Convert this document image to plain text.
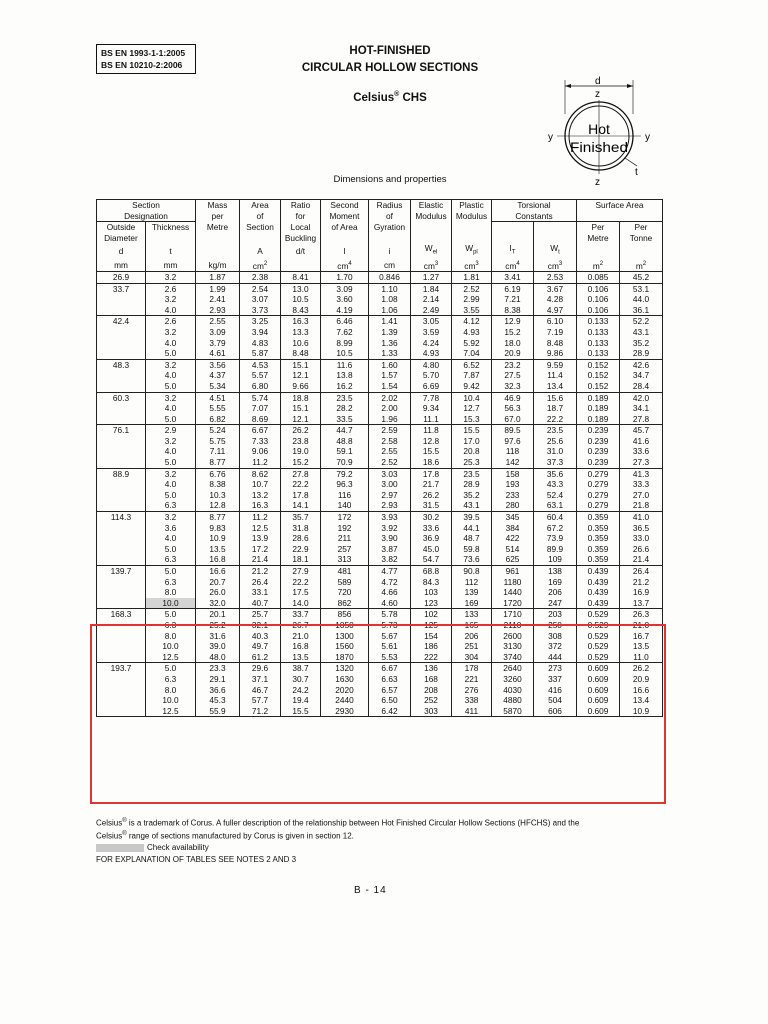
BS EN 1993-1-1:2005
BS EN 10210-2:2006
HOT-FINISHED
CIRCULAR HOLLOW SECTIONS
Celsius® CHS
d
z
y	y
Hot
Finished
t
z
Dimensions and properties
Section		Mass	Area	Ratio	Second	Radius	Elastic	Plastic	Torsional		Surface Area	
Designation		per	of	for	Moment	of	Modulus	Modulus	Constants			
Outside	Thickness	Metre	Section	Local	of Area	Gyration					Per	Per
Diameter				Buckling							Metre	Tonne
d	t		A	d/t	I	i	$W_{el}$	$W_{pl}$	$I_T$	$W_t$		
mm	mm	kg/m	$cm^2$		$cm^4$	cm	$cm^3$	$cm^3$	$cm^4$	$cm^3$	$m^2$	$m^2$
26.9	3.2	1.87	2.38	8.41	1.70	0.846	1.27	1.81	3.41	2.53	0.085	45.2
33.7	2.6	1.99	2.54	13.0	3.09	1.10	1.84	2.52	6.19	3.67	0.106	53.1
	3.2	2.41	3.07	10.5	3.60	1.08	2.14	2.99	7.21	4.28	0.106	44.0
	4.0	2.93	3.73	8.43	4.19	1.06	2.49	3.55	8.38	4.97	0.106	36.1
42.4	2.6	2.55	3.25	16.3	6.46	1.41	3.05	4.12	12.9	6.10	0.133	52.2
	3.2	3.09	3.94	13.3	7.62	1.39	3.59	4.93	15.2	7.19	0.133	43.1
	4.0	3.79	4.83	10.6	8.99	1.36	4.24	5.92	18.0	8.48	0.133	35.2
	5.0	4.61	5.87	8.48	10.5	1.33	4.93	7.04	20.9	9.86	0.133	28.9
48.3	3.2	3.56	4.53	15.1	11.6	1.60	4.80	6.52	23.2	9.59	0.152	42.6
	4.0	4.37	5.57	12.1	13.8	1.57	5.70	7.87	27.5	11.4	0.152	34.7
	5.0	5.34	6.80	9.66	16.2	1.54	6.69	9.42	32.3	13.4	0.152	28.4
60.3	3.2	4.51	5.74	18.8	23.5	2.02	7.78	10.4	46.9	15.6	0.189	42.0
	4.0	5.55	7.07	15.1	28.2	2.00	9.34	12.7	56.3	18.7	0.189	34.1
	5.0	6.82	8.69	12.1	33.5	1.96	11.1	15.3	67.0	22.2	0.189	27.8
76.1	2.9	5.24	6.67	26.2	44.7	2.59	11.8	15.5	89.5	23.5	0.239	45.7
	3.2	5.75	7.33	23.8	48.8	2.58	12.8	17.0	97.6	25.6	0.239	41.6
	4.0	7.11	9.06	19.0	59.1	2.55	15.5	20.8	118	31.0	0.239	33.6
	5.0	8.77	11.2	15.2	70.9	2.52	18.6	25.3	142	37.3	0.239	27.3
88.9	3.2	6.76	8.62	27.8	79.2	3.03	17.8	23.5	158	35.6	0.279	41.3
	4.0	8.38	10.7	22.2	96.3	3.00	21.7	28.9	193	43.3	0.279	33.3
	5.0	10.3	13.2	17.8	116	2.97	26.2	35.2	233	52.4	0.279	27.0
	6.3	12.8	16.3	14.1	140	2.93	31.5	43.1	280	63.1	0.279	21.8
114.3	3.2	8.77	11.2	35.7	172	3.93	30.2	39.5	345	60.4	0.359	41.0
	3.6	9.83	12.5	31.8	192	3.92	33.6	44.1	384	67.2	0.359	36.5
	4.0	10.9	13.9	28.6	211	3.90	36.9	48.7	422	73.9	0.359	33.0
	5.0	13.5	17.2	22.9	257	3.87	45.0	59.8	514	89.9	0.359	26.6
	6.3	16.8	21.4	18.1	313	3.82	54.7	73.6	625	109	0.359	21.4
139.7	5.0	16.6	21.2	27.9	481	4.77	68.8	90.8	961	138	0.439	26.4
	6.3	20.7	26.4	22.2	589	4.72	84.3	112	1180	169	0.439	21.2
	8.0	26.0	33.1	17.5	720	4.66	103	139	1440	206	0.439	16.9
	10.0	32.0	40.7	14.0	862	4.60	123	169	1720	247	0.439	13.7
168.3	5.0	20.1	25.7	33.7	856	5.78	102	133	1710	203	0.529	26.3
	6.3	25.2	32.1	26.7	1050	5.73	125	165	2110	250	0.529	21.0
	8.0	31.6	40.3	21.0	1300	5.67	154	206	2600	308	0.529	16.7
	10.0	39.0	49.7	16.8	1560	5.61	186	251	3130	372	0.529	13.5
	12.5	48.0	61.2	13.5	1870	5.53	222	304	3740	444	0.529	11.0
193.7	5.0	23.3	29.6	38.7	1320	6.67	136	178	2640	273	0.609	26.2
	6.3	29.1	37.1	30.7	1630	6.63	168	221	3260	337	0.609	20.9
	8.0	36.6	46.7	24.2	2020	6.57	208	276	4030	416	0.609	16.6
	10.0	45.3	57.7	19.4	2440	6.50	252	338	4880	504	0.609	13.4
	12.5	55.9	71.2	15.5	2930	6.42	303	411	5870	606	0.609	10.9
Celsius® is a trademark of Corus. A fuller description of the relationship between Hot Finished Circular Hollow Sections (HFCHS) and the
Celsius® range of sections manufactured by Corus is given in section 12.
Check availability
FOR EXPLANATION OF TABLES SEE NOTES 2 AND 3
B - 14
